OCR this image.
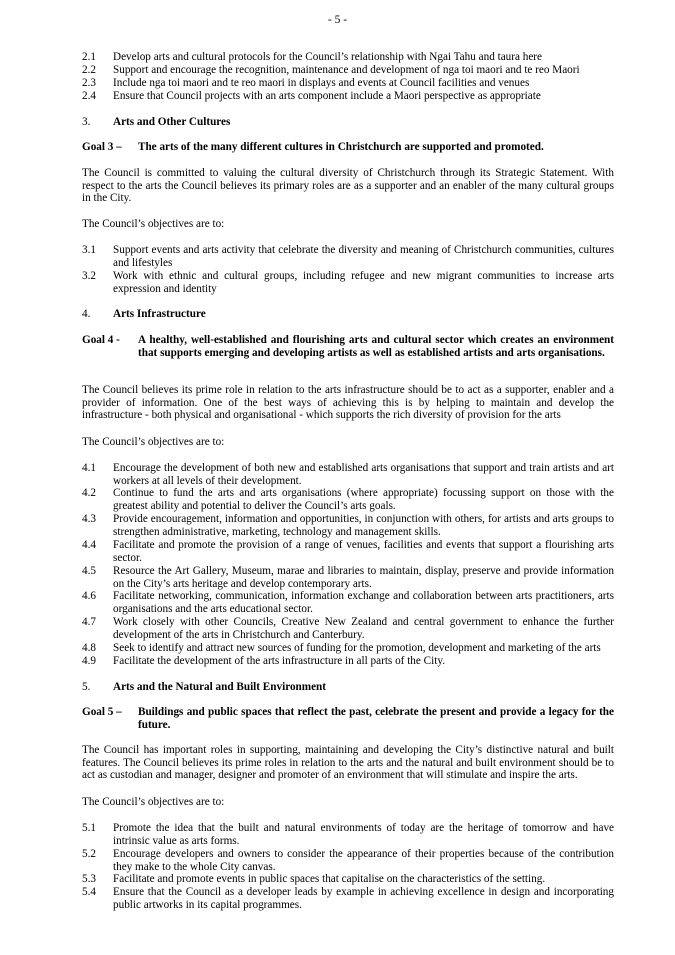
- 5 -
2.1	Develop arts and cultural protocols for the Council’s relationship with Ngai Tahu and taura here
2.2	Support and encourage the recognition, maintenance and development of nga toi maori and te reo Maori
2.3	Include nga toi maori and te reo maori in displays and events at Council facilities and venues
2.4	Ensure that Council projects with an arts component include a Maori perspective as appropriate
3. Arts and Other Cultures
Goal 3 –	The arts of the many different cultures in Christchurch are supported and promoted.
The Council is committed to valuing the cultural diversity of Christchurch through its Strategic Statement. With respect to the arts the Council believes its primary roles are as a supporter and an enabler of the many cultural groups in the City.
The Council’s objectives are to:
3.1	Support events and arts activity that celebrate the diversity and meaning of Christchurch communities, cultures and lifestyles
3.2	Work with ethnic and cultural groups, including refugee and new migrant communities to increase arts expression and identity
4. Arts Infrastructure
Goal 4 -	A healthy, well-established and flourishing arts and cultural sector which creates an environment that supports emerging and developing artists as well as established artists and arts organisations.
The Council believes its prime role in relation to the arts infrastructure should be to act as a supporter, enabler and a provider of information. One of the best ways of achieving this is by helping to maintain and develop the infrastructure - both physical and organisational - which supports the rich diversity of provision for the arts
The Council’s objectives are to:
4.1	Encourage the development of both new and established arts organisations that support and train artists and art workers at all levels of their development.
4.2	Continue to fund the arts and arts organisations (where appropriate) focussing support on those with the greatest ability and potential to deliver the Council’s arts goals.
4.3	Provide encouragement, information and opportunities, in conjunction with others, for artists and arts groups to strengthen administrative, marketing, technology and management skills.
4.4	Facilitate and promote the provision of a range of venues, facilities and events that support a flourishing arts sector.
4.5	Resource the Art Gallery, Museum, marae and libraries to maintain, display, preserve and provide information on the City’s arts heritage and develop contemporary arts.
4.6	Facilitate networking, communication, information exchange and collaboration between arts practitioners, arts organisations and the arts educational sector.
4.7	Work closely with other Councils, Creative New Zealand and central government to enhance the further development of the arts in Christchurch and Canterbury.
4.8	Seek to identify and attract new sources of funding for the promotion, development and marketing of the arts
4.9	Facilitate the development of the arts infrastructure in all parts of the City.
5. Arts and the Natural and Built Environment
Goal 5 –	Buildings and public spaces that reflect the past, celebrate the present and provide a legacy for the future.
The Council has important roles in supporting, maintaining and developing the City’s distinctive natural and built features. The Council believes its prime roles in relation to the arts and the natural and built environment should be to act as custodian and manager, designer and promoter of an environment that will stimulate and inspire the arts.
The Council’s objectives are to:
5.1	Promote the idea that the built and natural environments of today are the heritage of tomorrow and have intrinsic value as arts forms.
5.2	Encourage developers and owners to consider the appearance of their properties because of the contribution they make to the whole City canvas.
5.3	Facilitate and promote events in public spaces that capitalise on the characteristics of the setting.
5.4	Ensure that the Council as a developer leads by example in achieving excellence in design and incorporating public artworks in its capital programmes.
